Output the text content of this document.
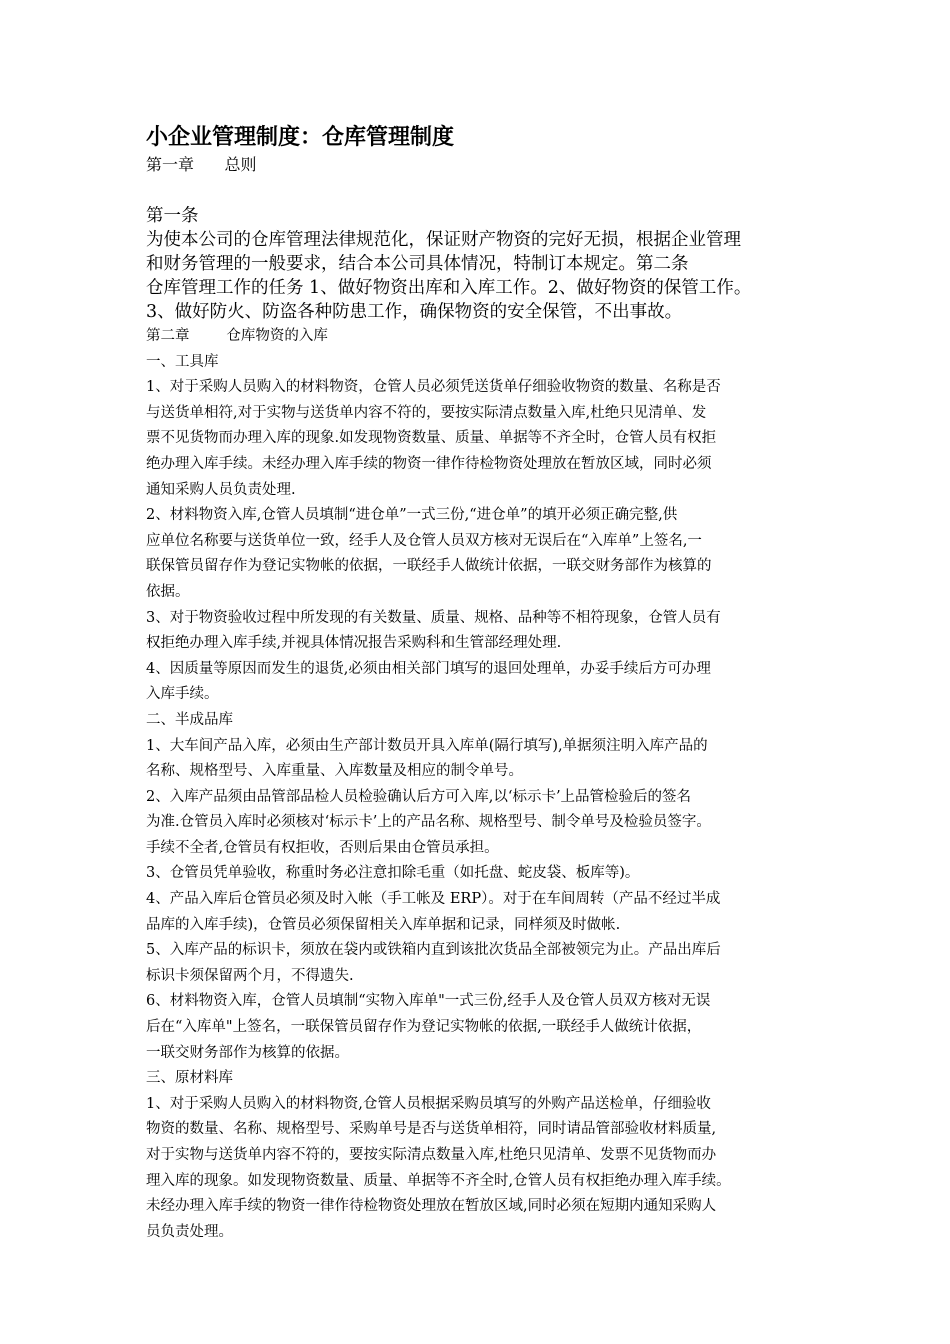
小企业管理制度：仓库管理制度
第一章      总则
第一条
为使本公司的仓库管理法律规范化，保证财产物资的完好无损，根据企业管理
和财务管理的一般要求，结合本公司具体情况，特制订本规定。第二条
仓库管理工作的任务 1、做好物资出库和入库工作。2、做好物资的保管工作。
3、做好防火、防盗各种防患工作，确保物资的安全保管，不出事故。
第二章        仓库物资的入库
一、工具库
1、对于采购人员购入的材料物资，仓管人员必须凭送货单仔细验收物资的数量、名称是否
与送货单相符,对于实物与送货单内容不符的，要按实际清点数量入库,杜绝只见清单、发
票不见货物而办理入库的现象.如发现物资数量、质量、单据等不齐全时，仓管人员有权拒
绝办理入库手续。未经办理入库手续的物资一律作待检物资处理放在暂放区域，同时必须
通知采购人员负责处理.
2、材料物资入库,仓管人员填制“进仓单”一式三份,“进仓单”的填开必须正确完整,供
应单位名称要与送货单位一致，经手人及仓管人员双方核对无误后在“入库单”上签名,一
联保管员留存作为登记实物帐的依据，一联经手人做统计依据，一联交财务部作为核算的
依据。
3、对于物资验收过程中所发现的有关数量、质量、规格、品种等不相符现象，仓管人员有
权拒绝办理入库手续,并视具体情况报告采购科和生管部经理处理.
4、因质量等原因而发生的退货,必须由相关部门填写的退回处理单，办妥手续后方可办理
入库手续。
二、半成品库
1、大车间产品入库，必须由生产部计数员开具入库单(隔行填写),单据须注明入库产品的
名称、规格型号、入库重量、入库数量及相应的制令单号。
2、入库产品须由品管部品检人员检验确认后方可入库,以‘标示卡’上品管检验后的签名
为准.仓管员入库时必须核对‘标示卡’上的产品名称、规格型号、制令单号及检验员签字。
手续不全者,仓管员有权拒收，否则后果由仓管员承担。
3、仓管员凭单验收，称重时务必注意扣除毛重（如托盘、蛇皮袋、板库等)。
4、产品入库后仓管员必须及时入帐（手工帐及 ERP）。对于在车间周转（产品不经过半成
品库的入库手续)，仓管员必须保留相关入库单据和记录，同样须及时做帐.
5、入库产品的标识卡，须放在袋内或铁箱内直到该批次货品全部被领完为止。产品出库后
标识卡须保留两个月，不得遗失.
6、材料物资入库，仓管人员填制“实物入库单"一式三份,经手人及仓管人员双方核对无误
后在“入库单"上签名，一联保管员留存作为登记实物帐的依据,一联经手人做统计依据，
一联交财务部作为核算的依据。
三、原材料库
1、对于采购人员购入的材料物资,仓管人员根据采购员填写的外购产品送检单，仔细验收
物资的数量、名称、规格型号、采购单号是否与送货单相符，同时请品管部验收材料质量,
对于实物与送货单内容不符的，要按实际清点数量入库,杜绝只见清单、发票不见货物而办
理入库的现象。如发现物资数量、质量、单据等不齐全时,仓管人员有权拒绝办理入库手续。
未经办理入库手续的物资一律作待检物资处理放在暂放区域,同时必须在短期内通知采购人
员负责处理。
